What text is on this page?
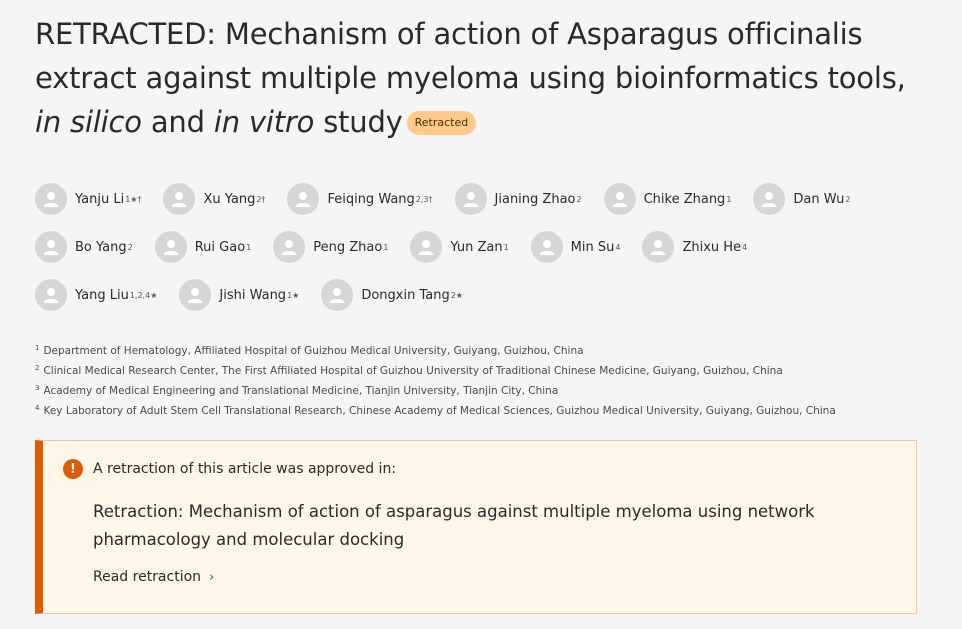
RETRACTED: Mechanism of action of Asparagus officinalis extract against multiple myeloma using bioinformatics tools, in silico and in vitro study Retracted
Yanju Li 1★†	Xu Yang 2†	Feiqing Wang 2,3†	Jianing Zhao 2	Chike Zhang 1	Dan Wu 2
Bo Yang 2	Rui Gao 1	Peng Zhao 1	Yun Zan 1	Min Su 4	Zhixu He 4
Yang Liu 1,2,4★	Jishi Wang 1★	Dongxin Tang 2★
$^1$ Department of Hematology, Affiliated Hospital of Guizhou Medical University, Guiyang, Guizhou, China
$^2$ Clinical Medical Research Center, The First Affiliated Hospital of Guizhou University of Traditional Chinese Medicine, Guiyang, Guizhou, China
$^3$ Academy of Medical Engineering and Translational Medicine, Tianjin University, Tianjin City, China
$^4$ Key Laboratory of Adult Stem Cell Translational Research, Chinese Academy of Medical Sciences, Guizhou Medical University, Guiyang, Guizhou, China
!	A retraction of this article was approved in:
Retraction: Mechanism of action of asparagus against multiple myeloma using network pharmacology and molecular docking
Read retraction ›
